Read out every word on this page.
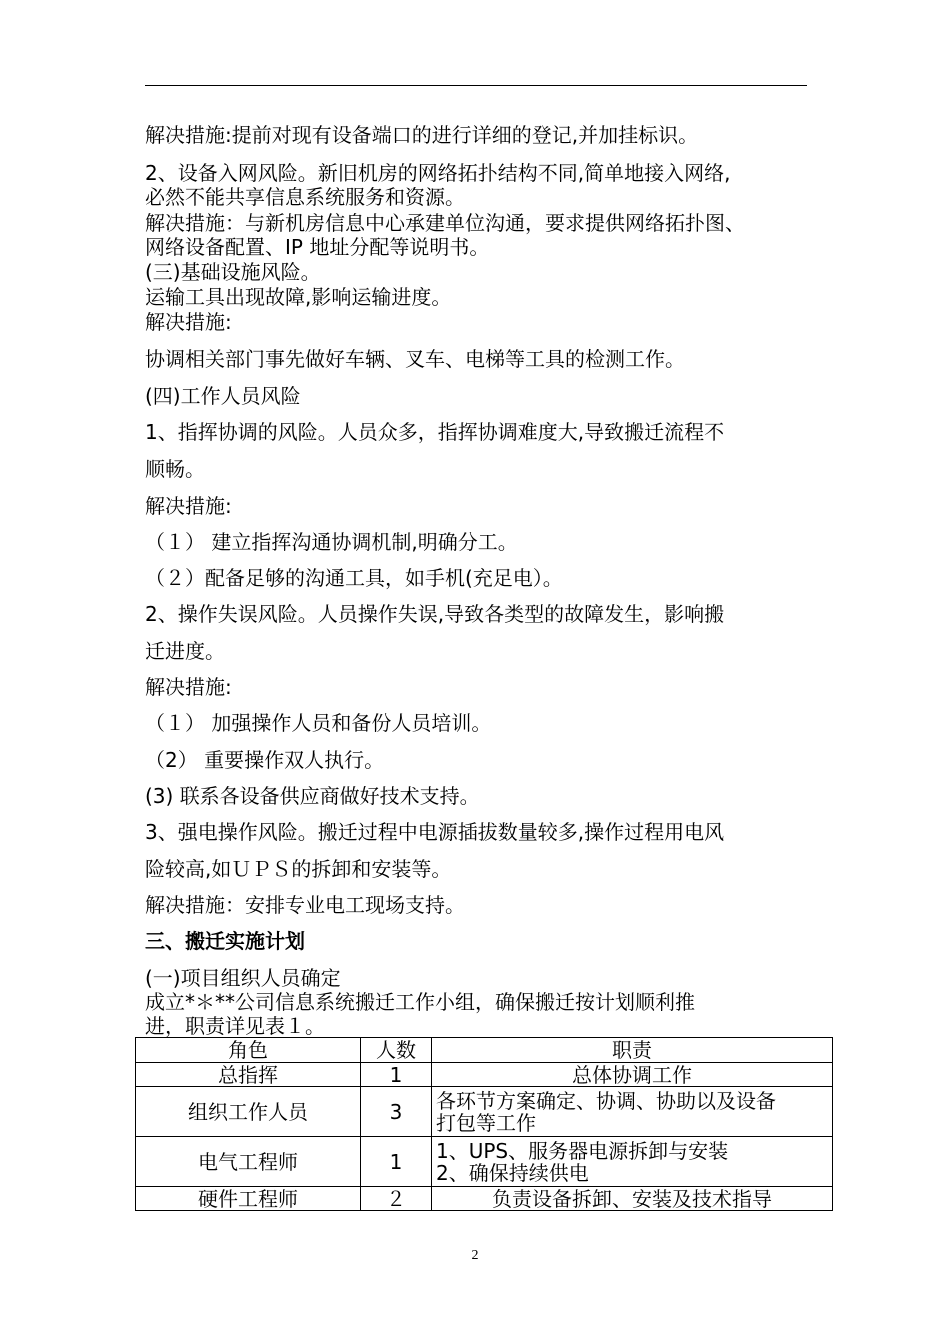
解决措施:提前对现有设备端口的进行详细的登记,并加挂标识。
2、设备入网风险。新旧机房的网络拓扑结构不同,简单地接入网络,
必然不能共享信息系统服务和资源。
解决措施：与新机房信息中心承建单位沟通，要求提供网络拓扑图、
网络设备配置、IP 地址分配等说明书。
(三)基础设施风险。
运输工具出现故障,影响运输进度。
解决措施:
协调相关部门事先做好车辆、叉车、电梯等工具的检测工作。
(四)工作人员风险
1、指挥协调的风险。人员众多，指挥协调难度大,导致搬迁流程不
顺畅。
解决措施:
（１） 建立指挥沟通协调机制,明确分工。
（２）配备足够的沟通工具，如手机(充足电）。
2、操作失误风险。人员操作失误,导致各类型的故障发生，影响搬
迁进度。
解决措施:
（１） 加强操作人员和备份人员培训。
（2） 重要操作双人执行。
(3) 联系各设备供应商做好技术支持。
3、强电操作风险。搬迁过程中电源插拔数量较多,操作过程用电风
险较高,如ＵＰＳ的拆卸和安装等。
解决措施：安排专业电工现场支持。
三、搬迁实施计划
(一)项目组织人员确定
成立*＊**公司信息系统搬迁工作小组，确保搬迁按计划顺利推
进，职责详见表１。
角色	人数	职责
总指挥	1	总体协调工作
组织工作人员	3	各环节方案确定、协调、协助以及设备
打包等工作

电气工程师	1	1、UPS、服务器电源拆卸与安装
2、确保持续供电

硬件工程师	２	负责设备拆卸、安装及技术指导
2
